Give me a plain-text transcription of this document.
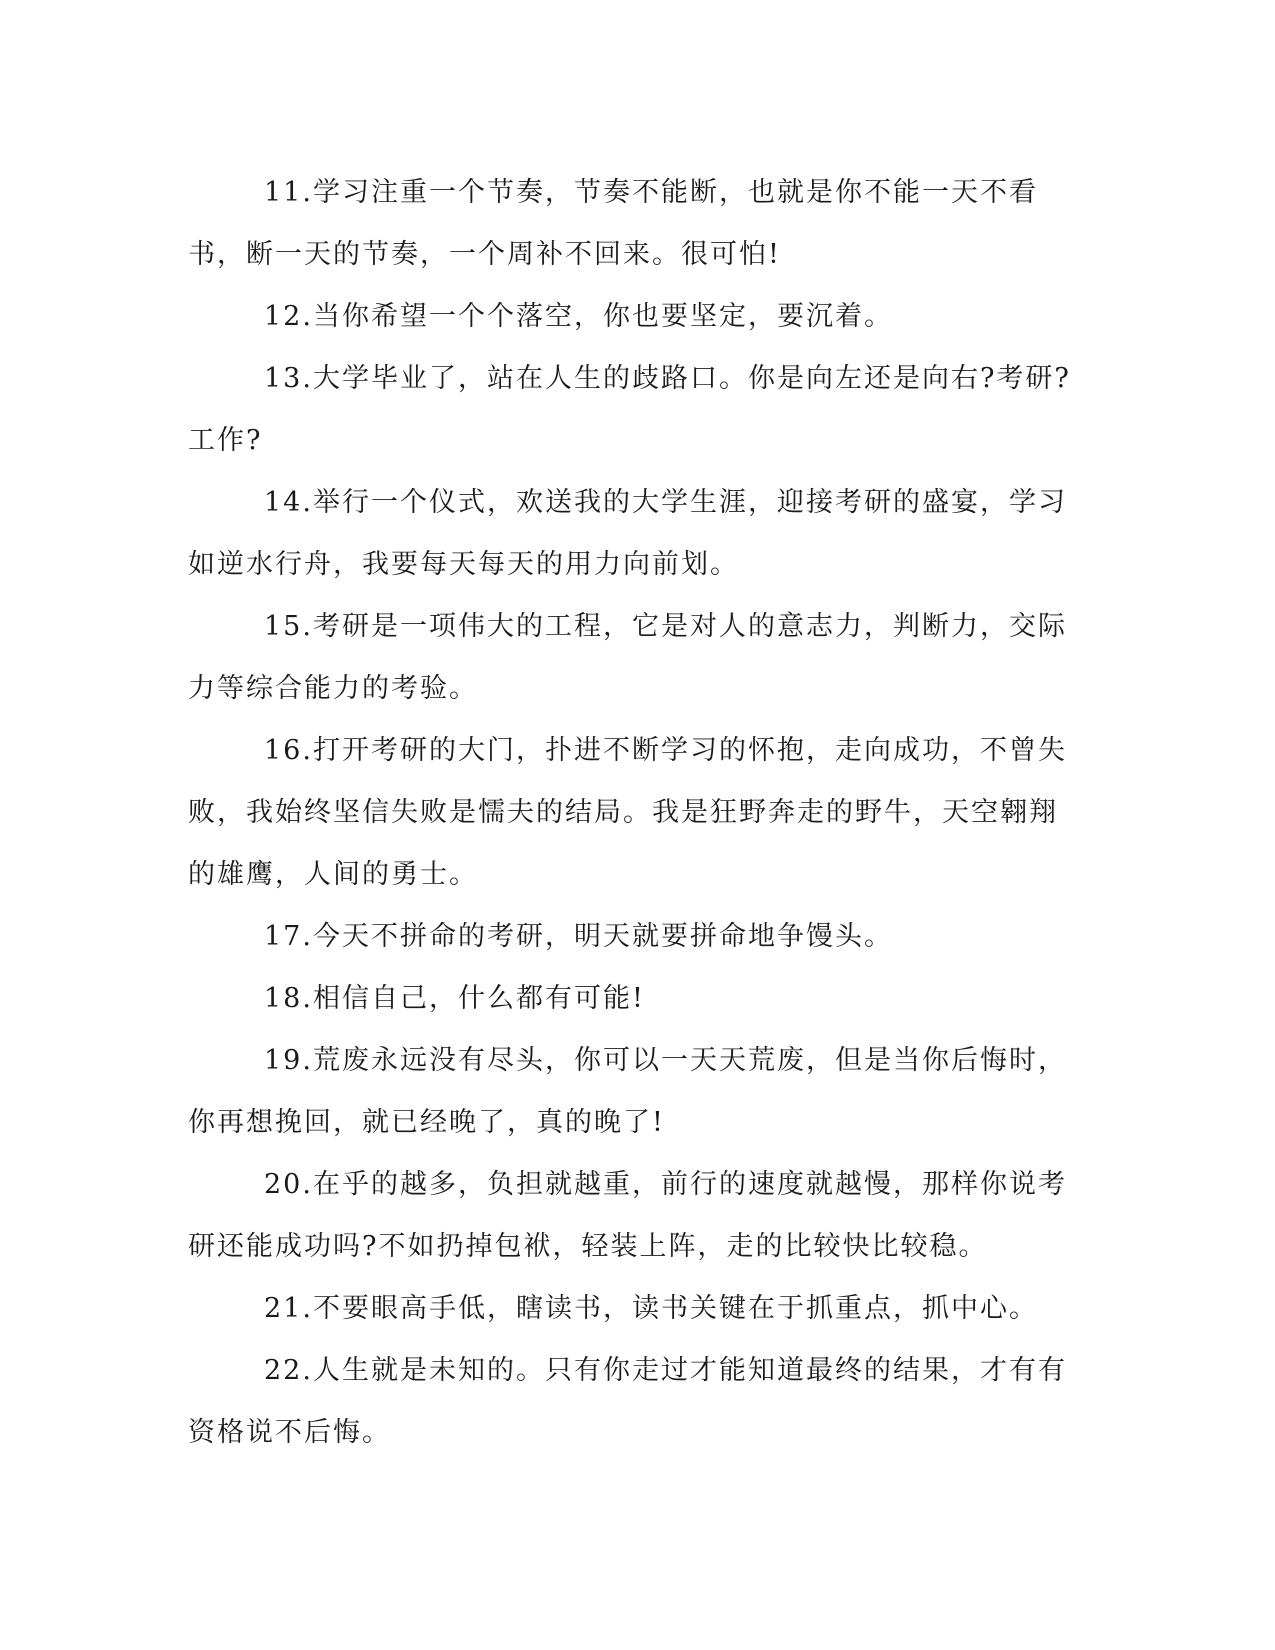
11.学习注重一个节奏，节奏不能断，也就是你不能一天不看书，断一天的节奏，一个周补不回来。很可怕!

12.当你希望一个个落空，你也要坚定，要沉着。

13.大学毕业了，站在人生的歧路口。你是向左还是向右?考研?工作?

14.举行一个仪式，欢送我的大学生涯，迎接考研的盛宴，学习如逆水行舟，我要每天每天的用力向前划。

15.考研是一项伟大的工程，它是对人的意志力，判断力，交际力等综合能力的考验。

16.打开考研的大门，扑进不断学习的怀抱，走向成功，不曾失败，我始终坚信失败是懦夫的结局。我是狂野奔走的野牛，天空翱翔的雄鹰，人间的勇士。

17.今天不拼命的考研，明天就要拼命地争馒头。

18.相信自己，什么都有可能!

19.荒废永远没有尽头，你可以一天天荒废，但是当你后悔时，你再想挽回，就已经晚了，真的晚了!

20.在乎的越多，负担就越重，前行的速度就越慢，那样你说考研还能成功吗?不如扔掉包袱，轻装上阵，走的比较快比较稳。

21.不要眼高手低，瞎读书，读书关键在于抓重点，抓中心。

22.人生就是未知的。只有你走过才能知道最终的结果，才有有资格说不后悔。
